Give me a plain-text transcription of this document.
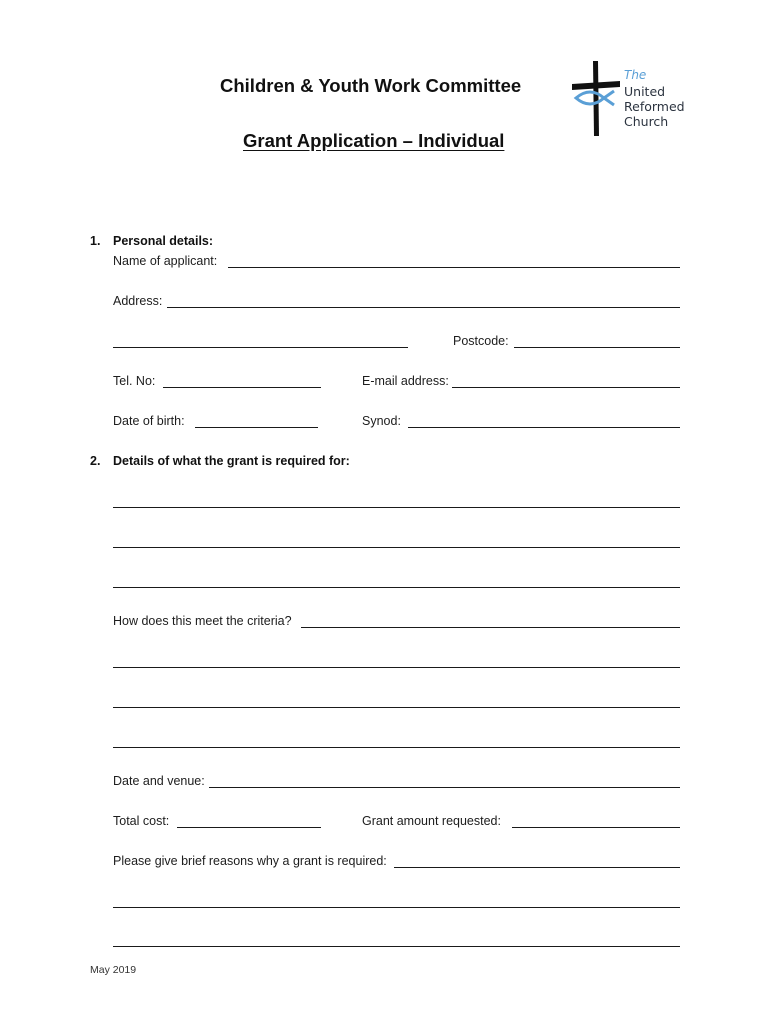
Children & Youth Work Committee
Grant Application – Individual
The
United
Reformed
Church
1. Personal details:
Name of applicant:
Address:
Postcode:
Tel. No:	E-mail address:
Date of birth:	Synod:
2. Details of what the grant is required for:
How does this meet the criteria?
Date and venue:
Total cost:	Grant amount requested:
Please give brief reasons why a grant is required:
May 2019
